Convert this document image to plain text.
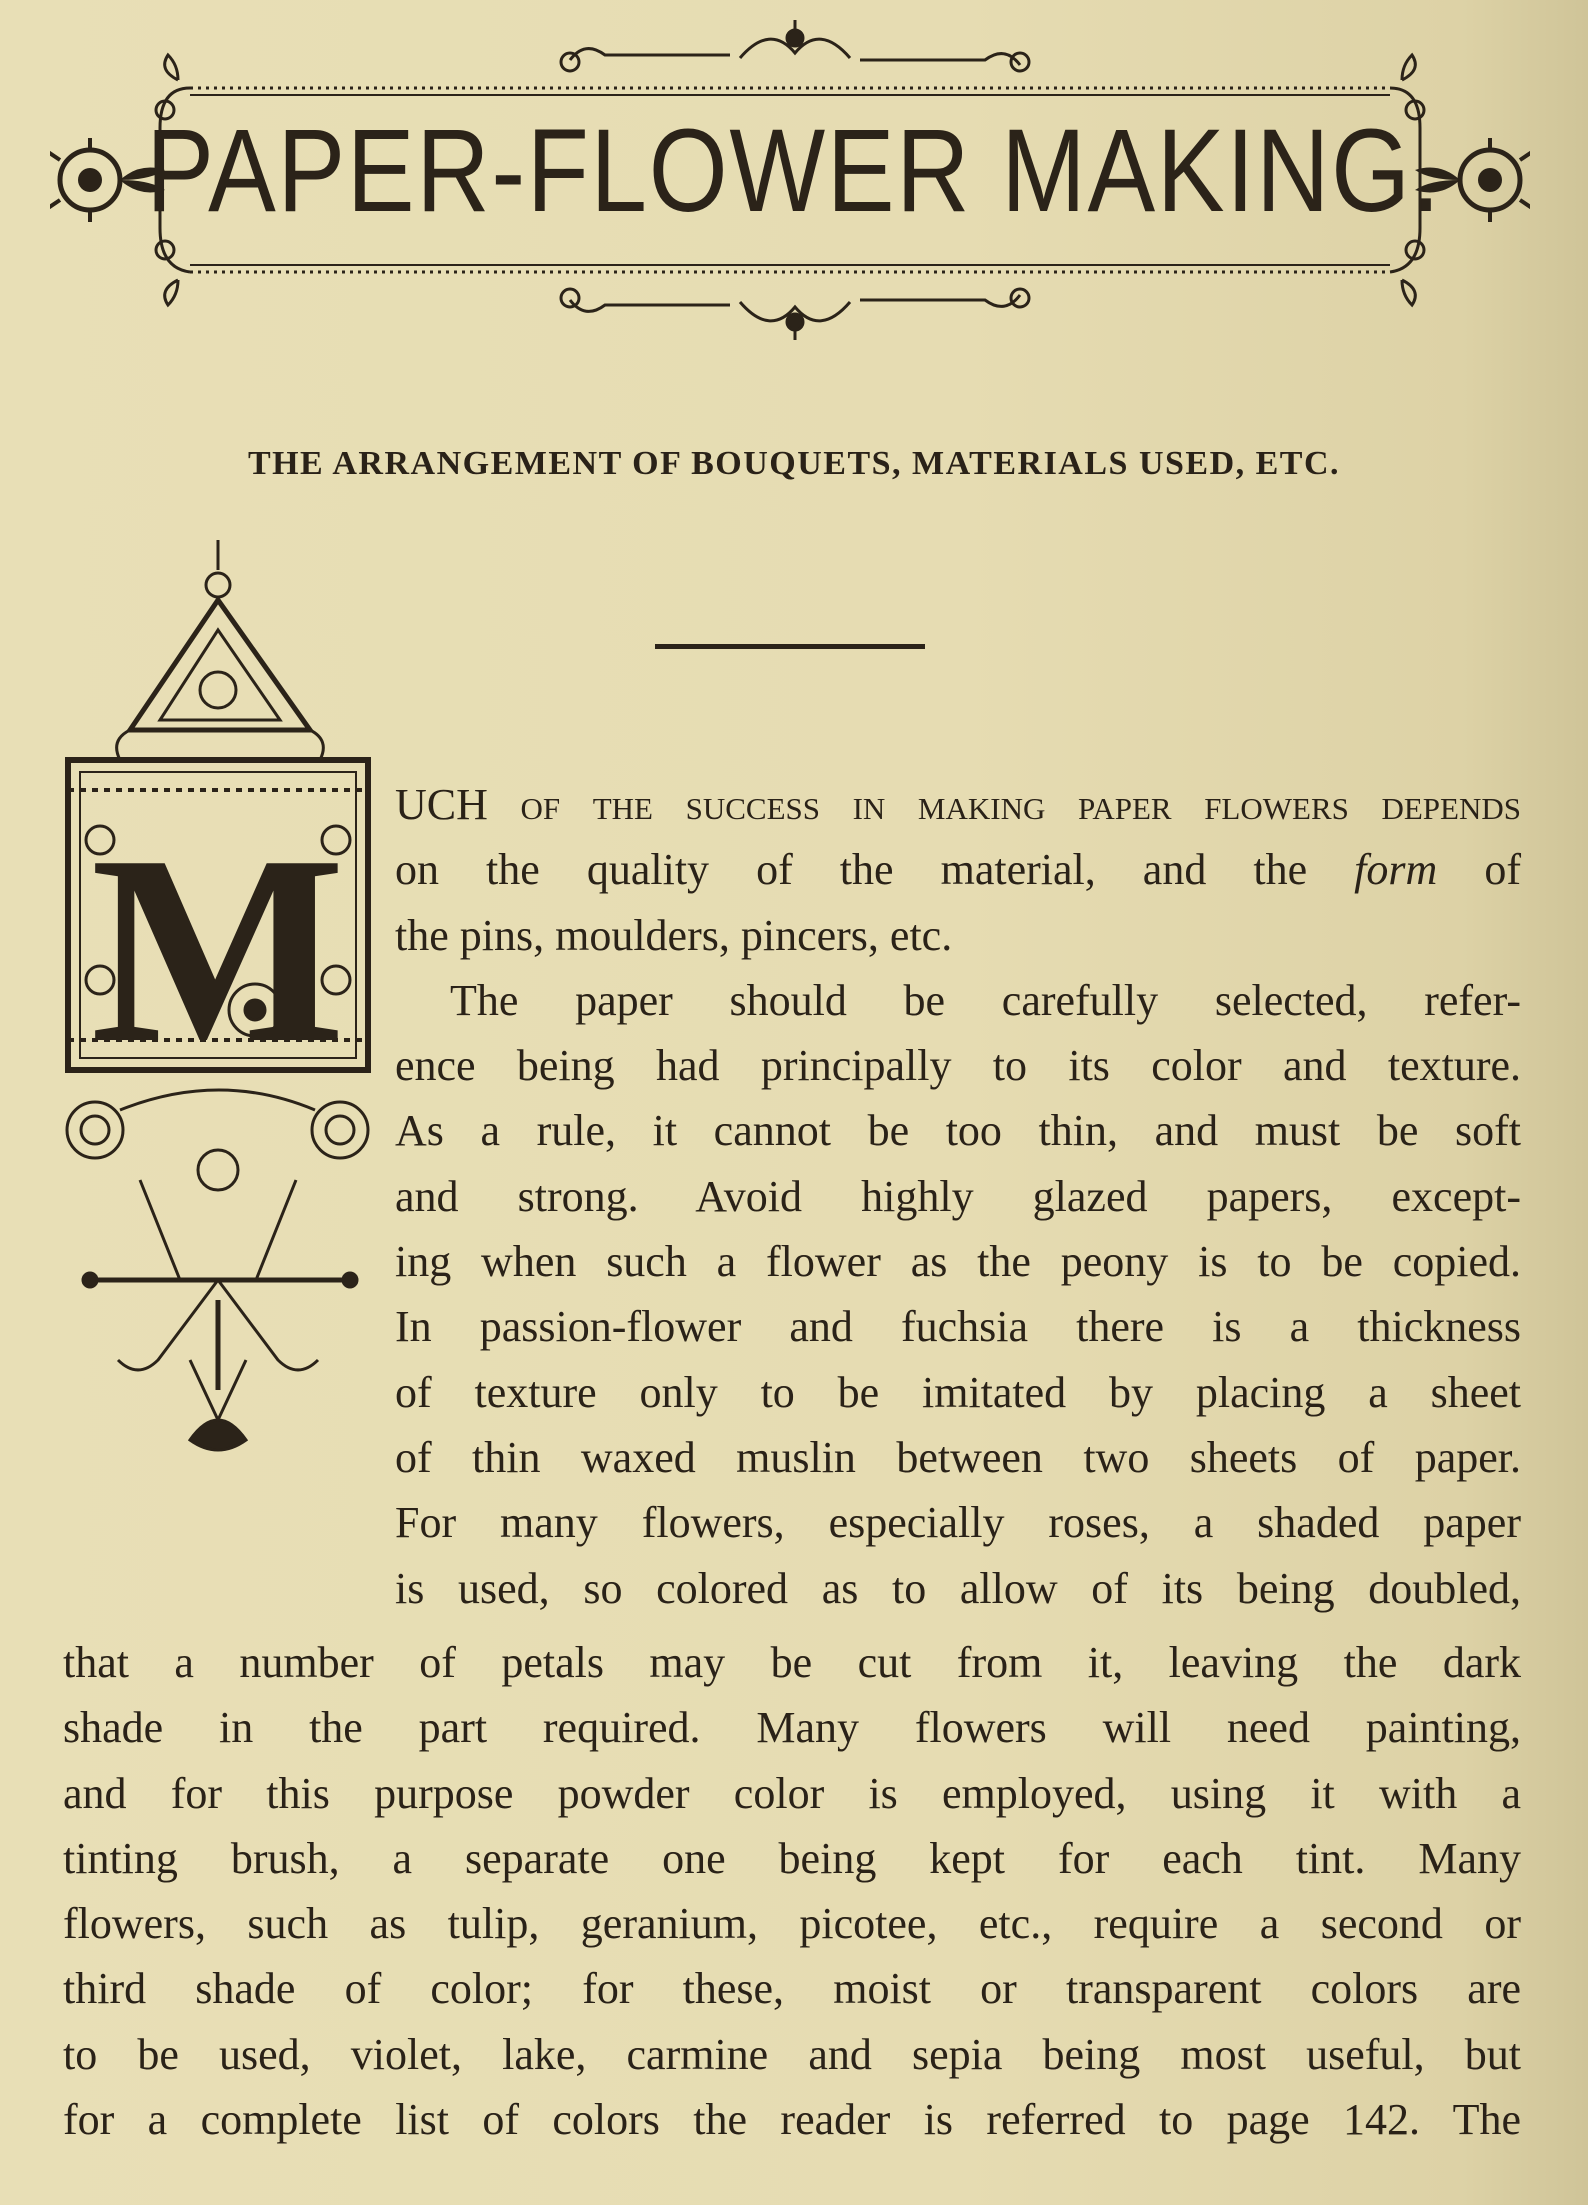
PAPER-FLOWER MAKING.
THE ARRANGEMENT OF BOUQUETS, MATERIALS USED, ETC.
M UCH of the success in making paper flowers depends
on the quality of the material, and the form of
the pins, moulders, pincers, etc.
The paper should be carefully selected, refer-
ence being had principally to its color and texture.
As a rule, it cannot be too thin, and must be soft
and strong. Avoid highly glazed papers, except-
ing when such a flower as the peony is to be copied.
In passion-flower and fuchsia there is a thickness
of texture only to be imitated by placing a sheet
of thin waxed muslin between two sheets of paper.
For many flowers, especially roses, a shaded paper
is used, so colored as to allow of its being doubled,
that a number of petals may be cut from it, leaving the dark
shade in the part required. Many flowers will need painting,
and for this purpose powder color is employed, using it with a
tinting brush, a separate one being kept for each tint. Many
flowers, such as tulip, geranium, picotee, etc., require a second or
third shade of color; for these, moist or transparent colors are
to be used, violet, lake, carmine and sepia being most useful, but
for a complete list of colors the reader is referred to page 142. The
